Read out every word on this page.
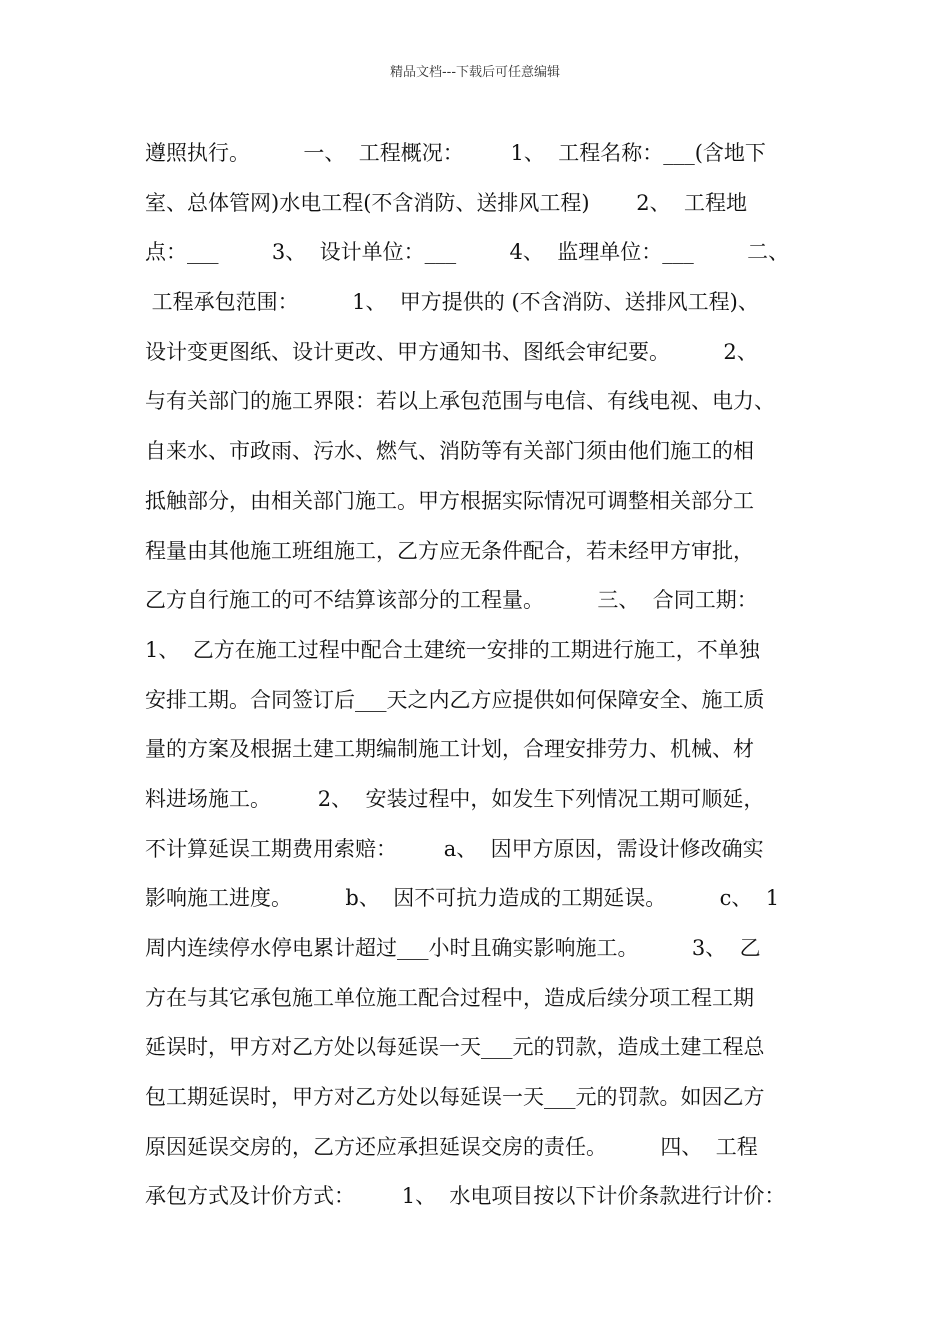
精品文档---下载后可任意编辑
遵照执行。        一、  工程概况：       1、  工程名称：___(含地下
室、总体管网)水电工程(不含消防、送排风工程)       2、  工程地
点：___        3、  设计单位：___        4、  监理单位：___        二、
工程承包范围：        1、  甲方提供的 (不含消防、送排风工程)、
设计变更图纸、设计更改、甲方通知书、图纸会审纪要。        2、
与有关部门的施工界限：若以上承包范围与电信、有线电视、电力、
自来水、市政雨、污水、燃气、消防等有关部门须由他们施工的相
抵触部分，由相关部门施工。甲方根据实际情况可调整相关部分工
程量由其他施工班组施工，乙方应无条件配合，若未经甲方审批，
乙方自行施工的可不结算该部分的工程量。        三、  合同工期：
1、  乙方在施工过程中配合土建统一安排的工期进行施工，不单独
安排工期。合同签订后___天之内乙方应提供如何保障安全、施工质
量的方案及根据土建工期编制施工计划，合理安排劳力、机械、材
料进场施工。       2、  安装过程中，如发生下列情况工期可顺延，
不计算延误工期费用索赔：       a、  因甲方原因，需设计修改确实
影响施工进度。        b、  因不可抗力造成的工期延误。        c、  1
周内连续停水停电累计超过___小时且确实影响施工。        3、  乙
方在与其它承包施工单位施工配合过程中，造成后续分项工程工期
延误时，甲方对乙方处以每延误一天___元的罚款，造成土建工程总
包工期延误时，甲方对乙方处以每延误一天___元的罚款。如因乙方
原因延误交房的，乙方还应承担延误交房的责任。        四、  工程
承包方式及计价方式：       1、  水电项目按以下计价条款进行计价：
